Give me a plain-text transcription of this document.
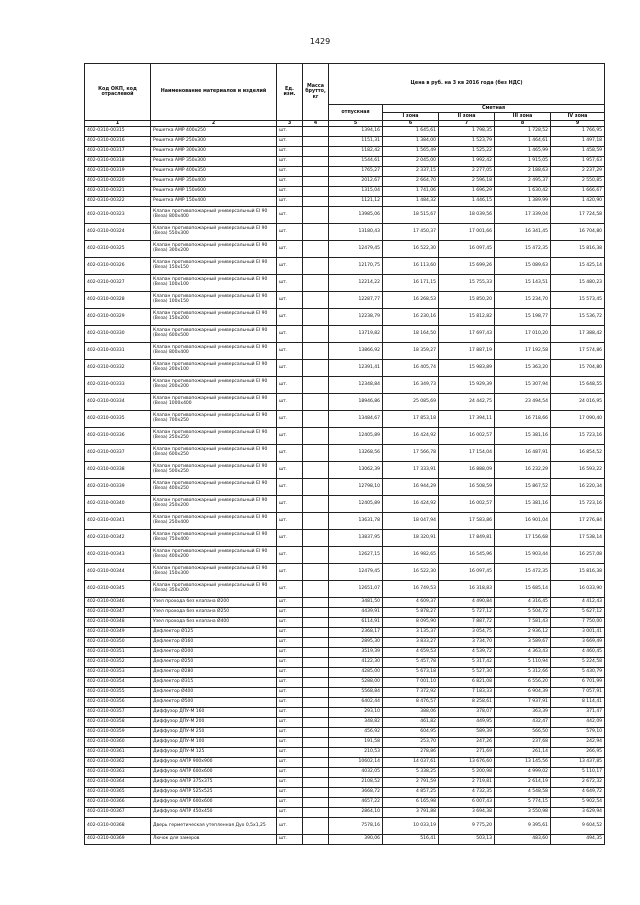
1429
Код ОКП, код отраслевой	Наименование материалов и изделий	Ед. изм.	Масса брутто, кг	Цена в руб. на 3 кв 2016 года (без НДС)				
				отпускная	Сметная			
					I зона	II зона	III зона	IV зона
1	2	3	4	5	6	7	8	9
402-0310-00315	Решетка АМР 400х250	шт.		1394,16	1 645,61	1 798,35	1 728,52	1 766,95
402-0310-00316	Решетка АМР 250х300	шт.		1151,31	1 384,00	1 523,79	1 464,61	1 497,18
402-0310-00317	Решетка АМР 300х300	шт.		1182,42	1 565,49	1 525,22	1 465,99	1 458,59
402-0310-00318	Решетка АМР 350х300	шт.		1544,61	2 045,00	1 992,42	1 915,05	1 957,63
402-0310-00319	Решетка АМР 400х350	шт.		1765,27	2 337,15	2 277,05	2 188,63	2 237,29
402-0310-00320	Решетка АМР 350х400	шт.		2012,67	2 664,70	2 596,18	2 495,37	2 550,85
402-0310-00321	Решетка АМР 150х600	шт.		1315,04	1 741,06	1 696,29	1 630,42	1 666,67
402-0310-00322	Решетка АМР 150х400	шт.		1121,12	1 484,32	1 446,15	1 389,99	1 420,90
402-0310-00323	Клапан противопожарный универсальный EI 90 (Веза) 800х400	шт.		13985,06	18 515,67	18 039,56	17 339,04	17 724,58
402-0310-00324	Клапан противопожарный универсальный EI 90 (Веза) 550х300	шт.		13180,43	17 450,37	17 001,66	16 341,45	16 704,80
402-0310-00325	Клапан противопожарный универсальный EI 90 (Веза) 300х200	шт.		12479,45	16 522,30	16 097,45	15 472,35	15 816,38
402-0310-00326	Клапан противопожарный универсальный EI 90 (Веза) 150х150	шт.		12170,75	16 113,60	15 699,26	15 089,63	15 425,14
402-0310-00327	Клапан противопожарный универсальный EI 90 (Веза) 100х100	шт.		12214,22	16 171,15	15 755,33	15 143,51	15 480,23
402-0310-00328	Клапан противопожарный универсальный EI 90 (Веза) 100х150	шт.		12287,77	16 268,53	15 850,20	15 234,70	15 573,45
402-0310-00329	Клапан противопожарный универсальный EI 90 (Веза) 150х200	шт.		12238,79	16 230,16	15 812,82	15 198,77	15 536,72
402-0310-00330	Клапан противопожарный универсальный EI 90 (Веза) 600х500	шт.		13719,82	18 164,50	17 697,43	17 010,20	17 388,42
402-0310-00331	Клапан противопожарный универсальный EI 90 (Веза) 800х400	шт.		13866,92	18 359,27	17 887,19	17 192,58	17 574,86
402-0310-00332	Клапан противопожарный универсальный EI 90 (Веза) 200х100	шт.		12391,41	16 405,74	15 983,89	15 363,20	15 704,80
402-0310-00333	Клапан противопожарный универсальный EI 90 (Веза) 200х200	шт.		12348,84	16 349,73	15 929,39	15 307,94	15 648,55
402-0310-00334	Клапан противопожарный универсальный EI 90 (Веза) 1000х400	шт.		18946,86	25 085,69	24 442,75	23 494,54	24 016,95
402-0310-00335	Клапан противопожарный универсальный EI 90 (Веза) 700х250	шт.		13484,67	17 853,18	17 394,11	16 718,66	17 090,40
402-0310-00336	Клапан противопожарный универсальный EI 90 (Веза) 250х250	шт.		12405,89	16 424,92	16 002,57	15 381,16	15 723,16
402-0310-00337	Клапан противопожарный универсальный EI 90 (Веза) 600х250	шт.		13268,56	17 566,78	17 154,04	16 487,91	16 854,52
402-0310-00338	Клапан противопожарный универсальный EI 90 (Веза) 500х250	шт.		13062,39	17 333,91	16 888,09	16 232,29	16 593,22
402-0310-00339	Клапан противопожарный универсальный EI 90 (Веза) 400х250	шт.		12798,10	16 944,29	16 508,59	15 867,52	16 220,34
402-0310-00340	Клапан противопожарный универсальный EI 90 (Веза) 250х200	шт.		12405,89	16 424,92	16 002,57	15 381,16	15 723,16
402-0310-00341	Клапан противопожарный универсальный EI 90 (Веза) 250х400	шт.		13631,78	18 047,94	17 583,86	16 901,04	17 276,84
402-0310-00342	Клапан противопожарный универсальный EI 90 (Веза) 750х400	шт.		13837,95	18 320,91	17 849,81	17 156,68	17 538,14
402-0310-00343	Клапан противопожарный универсальный EI 90 (Веза) 400х200	шт.		12627,15	16 982,65	16 545,96	15 903,44	16 257,08
402-0310-00344	Клапан противопожарный универсальный EI 90 (Веза) 150х300	шт.		12479,45	16 522,30	16 097,45	15 472,35	15 816,38
402-0310-00345	Клапан противопожарный универсальный EI 90 (Веза) 350х200	шт.		12651,07	16 749,53	16 318,83	15 685,14	16 033,90
402-0310-00346	Узел прохода без клапана Ø200	шт.		3481,50	4 609,37	4 490,84	4 316,45	4 412,43
402-0310-00347	Узел прохода без клапана Ø250	шт.		4439,91	5 878,27	5 727,12	5 504,72	5 627,12
402-0310-00348	Узел прохода без клапана Ø400	шт.		6114,91	8 095,90	7 887,72	7 581,43	7 750,00
402-0310-00349	Дефлектор Ø125	шт.		2368,17	3 135,37	3 054,75	2 936,12	3 001,41
402-0310-00350	Дефлектор Ø160	шт.		2895,30	3 833,27	3 734,70	3 589,67	3 669,49
402-0310-00351	Дефлектор Ø200	шт.		3519,39	4 659,53	4 539,72	4 363,43	4 460,45
402-0310-00352	Дефлектор Ø250	шт.		4122,30	5 457,78	5 317,42	5 110,94	5 224,58
402-0310-00353	Дефлектор Ø280	шт.		4285,00	5 673,18	5 527,30	5 312,66	5 430,79
402-0310-00354	Дефлектор Ø315	шт.		5288,00	7 001,10	6 821,08	6 556,20	6 701,99
402-0310-00355	Дефлектор Ø400	шт.		5568,84	7 372,92	7 183,33	6 904,39	7 057,91
402-0310-00356	Дефлектор Ø500	шт.		6402,44	8 476,57	8 258,61	7 937,91	8 114,41
402-0310-00357	Диффузор ДПУ-М 160	шт.		293,10	388,06	378,07	363,39	371,47
402-0310-00358	Диффузор ДПУ-М 200	шт.		348,82	461,82	449,95	432,47	442,09
402-0310-00359	Диффузор ДПУ-М 250	шт.		456,92	604,95	589,39	566,50	579,10
402-0310-00360	Диффузор ДПУ-М 100	шт.		191,58	253,70	247,26	237,68	242,94
402-0310-00361	Диффузор ДПУ-М 125	шт.		210,53	278,86	271,69	261,14	266,95
402-0310-00362	Диффузор 4АПР 900х900	шт.		10602,14	14 037,61	13 676,60	13 145,56	13 437,85
402-0310-00363	Диффузор 4АПР 600х600	шт.		4032,05	5 338,25	5 200,98	4 999,02	5 110,17
402-0310-00364	Диффузор 4АПР 375х375	шт.		2108,52	2 791,59	2 719,81	2 614,19	2 672,32
402-0310-00365	Диффузор 4АПР 525х525	шт.		3668,72	4 857,25	4 732,35	4 548,58	4 649,72
402-0310-00366	Диффузор 4АПР 600х600	шт.		4657,22	6 165,98	6 007,43	5 774,15	5 902,54
402-0310-00367	Диффузор 4АПР 450х450	шт.		2864,10	3 791,88	3 694,38	3 550,98	3 629,94
402-0310-00368	Дверь герметическая утепленная Дуо 0,5х1,25	шт.		7578,16	10 033,19	9 775,20	9 395,61	9 604,52
402-0310-00369	Лючок для замеров	шт.		390,06	516,41	503,13	483,60	494,35
